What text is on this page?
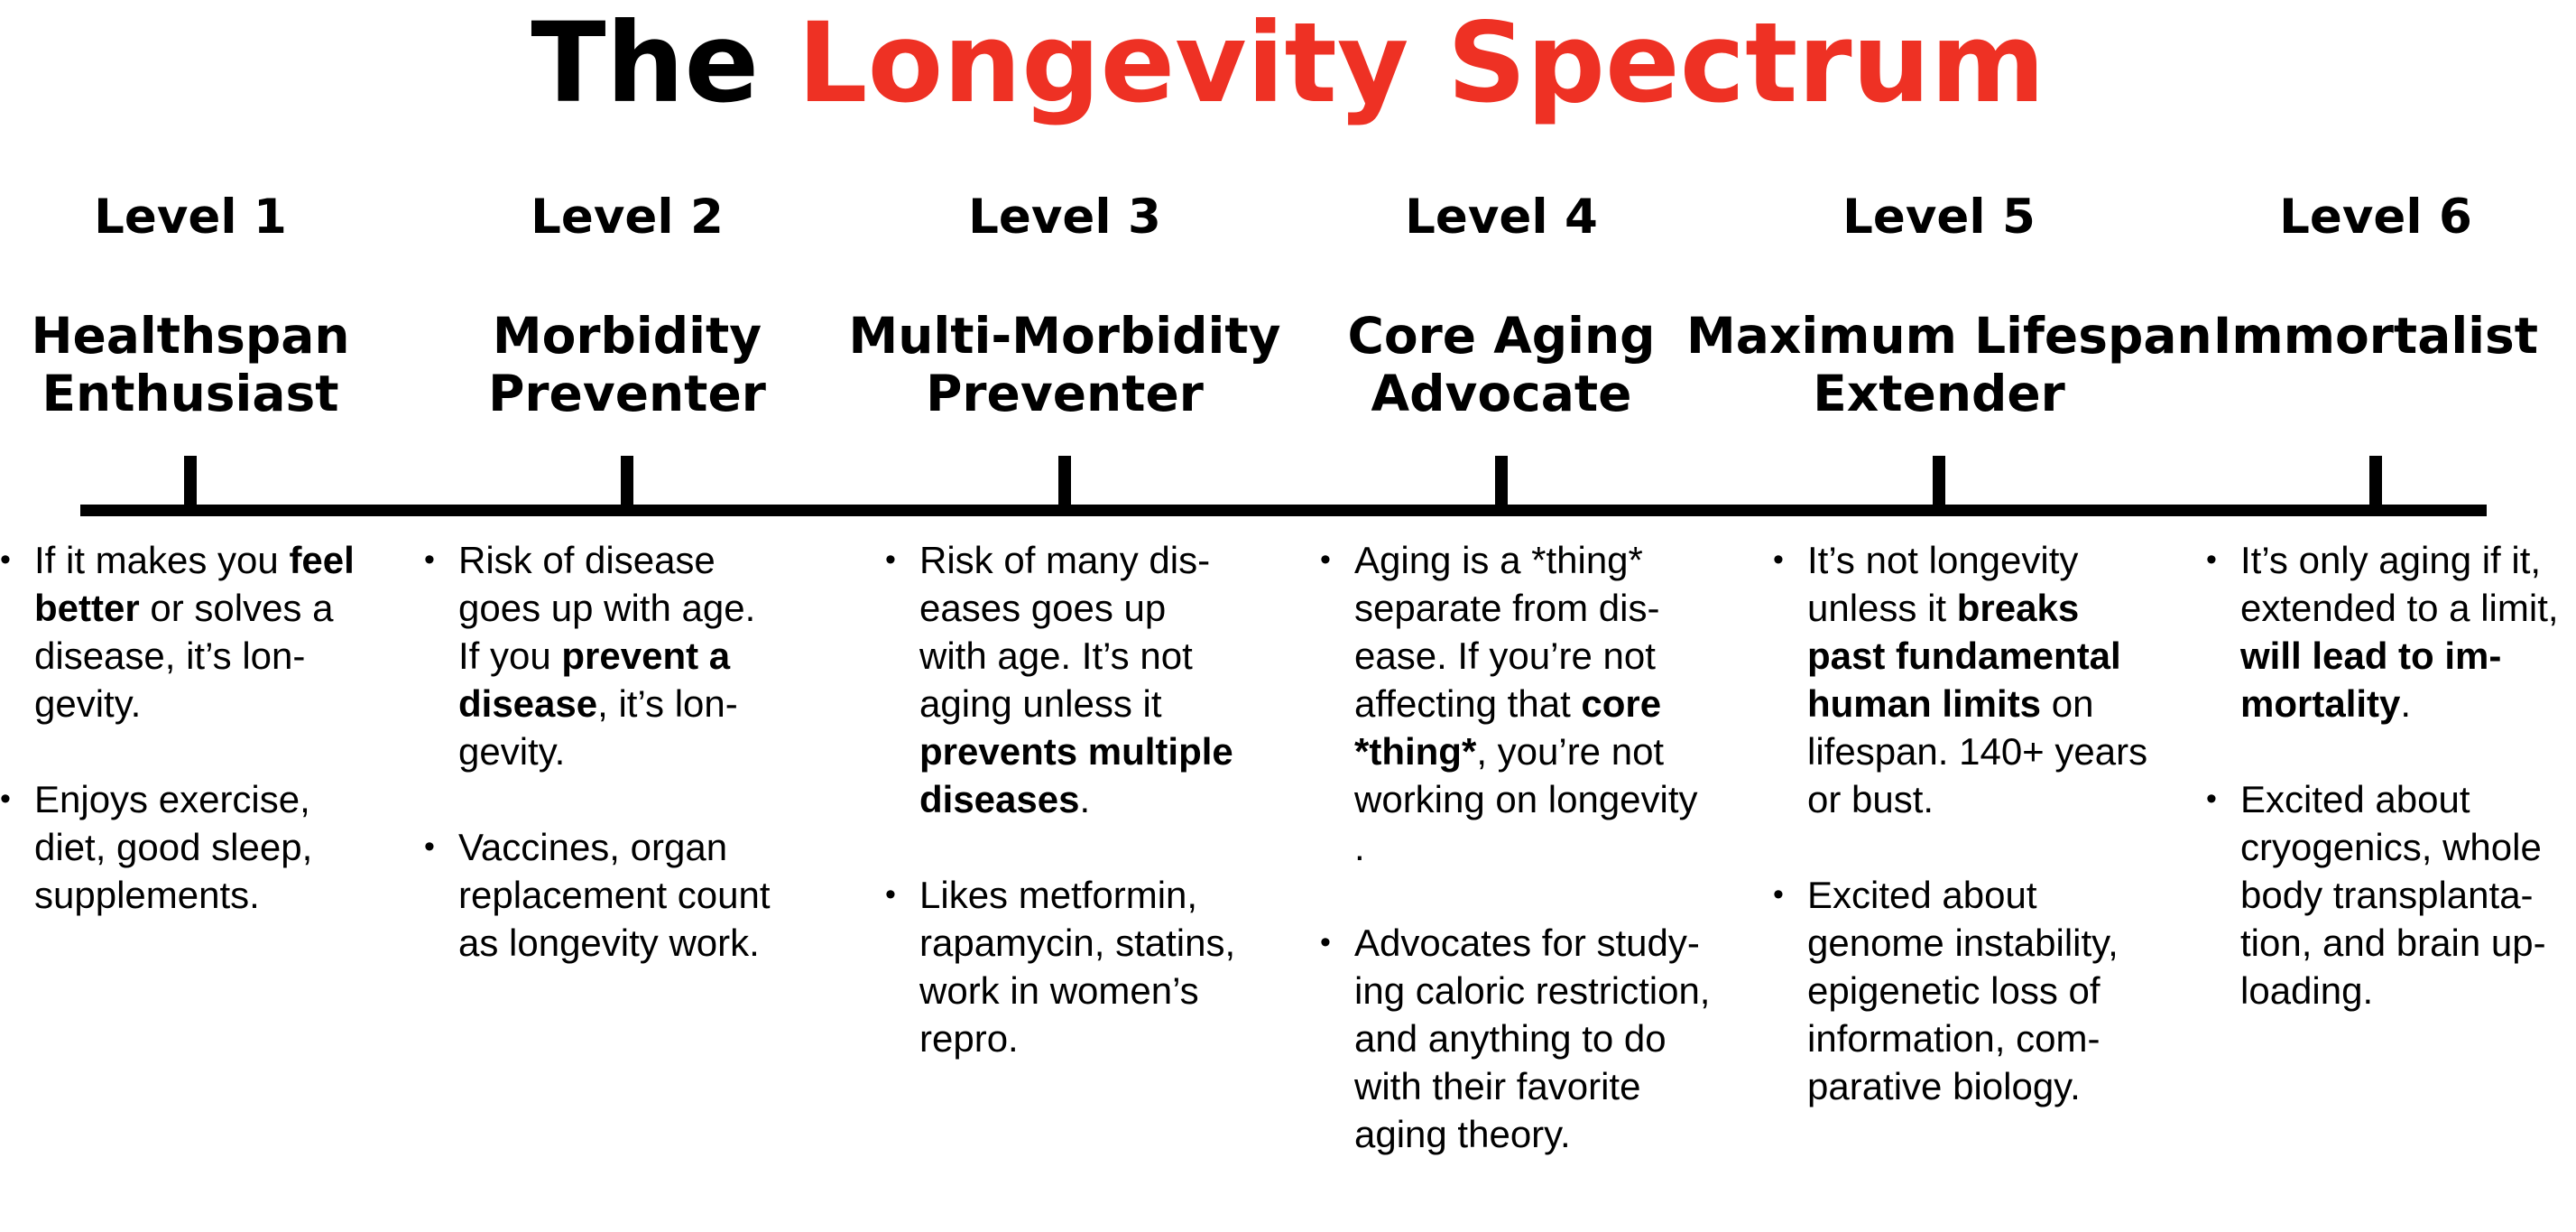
The Longevity Spectrum
Level 1
Healthspan
Enthusiast
• If it makes you feel
better or solves a
disease, it’s lon-
gevity.
• Enjoys exercise,
diet, good sleep,
supplements.
Level 2
Morbidity
Preventer
• Risk of disease
goes up with age.
If you prevent a
disease, it’s lon-
gevity.
• Vaccines, organ
replacement count
as longevity work.
Level 3
Multi-Morbidity
Preventer
• Risk of many dis-
eases goes up
with age. It’s not
aging unless it
prevents multiple
diseases.
• Likes metformin,
rapamycin, statins,
work in women’s
repro.
Level 4
Core Aging
Advocate
• Aging is a *thing*
separate from dis-
ease. If you’re not
affecting that core
*thing*, you’re not
working on longevity
.
• Advocates for study-
ing caloric restriction,
and anything to do
with their favorite
aging theory.
Level 5
Maximum Lifespan
Extender
• It’s not longevity
unless it breaks
past fundamental
human limits on
lifespan. 140+ years
or bust.
• Excited about
genome instability,
epigenetic loss of
information, com-
parative biology.
Level 6
Immortalist
• It’s only aging if it,
extended to a limit,
will lead to im-
mortality.
• Excited about
cryogenics, whole
body transplanta-
tion, and brain up-
loading.
